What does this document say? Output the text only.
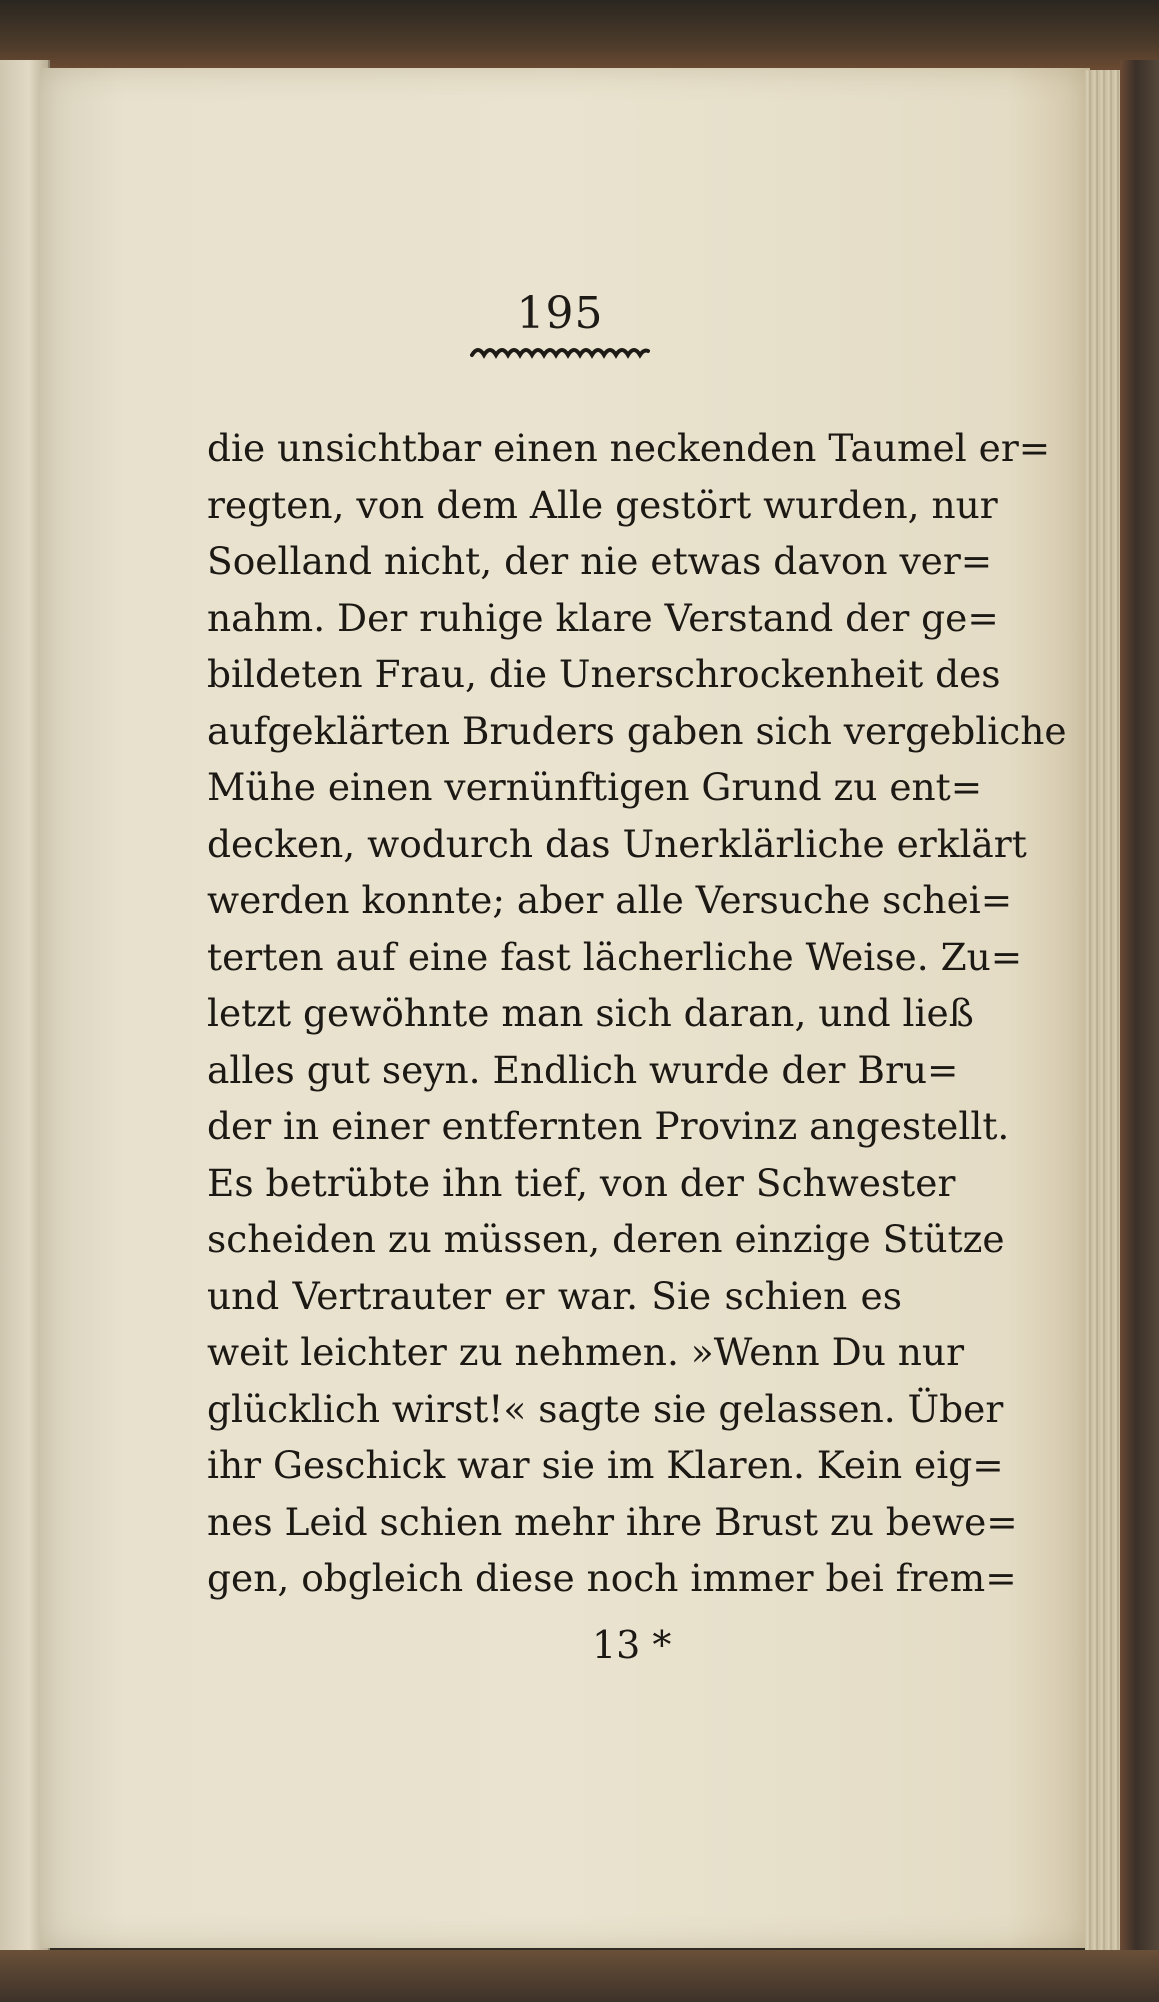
195
die unsichtbar einen neckenden Taumel er=
regten, von dem Alle gestört wurden, nur
Soelland nicht, der nie etwas davon ver=
nahm. Der ruhige klare Verstand der ge=
bildeten Frau, die Unerschrockenheit des
aufgeklärten Bruders gaben sich vergebliche
Mühe einen vernünftigen Grund zu ent=
decken, wodurch das Unerklärliche erklärt
werden konnte; aber alle Versuche schei=
terten auf eine fast lächerliche Weise. Zu=
letzt gewöhnte man sich daran, und ließ
alles gut seyn. Endlich wurde der Bru=
der in einer entfernten Provinz angestellt.
Es betrübte ihn tief, von der Schwester
scheiden zu müssen, deren einzige Stütze
und Vertrauter er war. Sie schien es
weit leichter zu nehmen. »Wenn Du nur
glücklich wirst!« sagte sie gelassen. Über
ihr Geschick war sie im Klaren. Kein eig=
nes Leid schien mehr ihre Brust zu bewe=
gen, obgleich diese noch immer bei frem=
13 *
